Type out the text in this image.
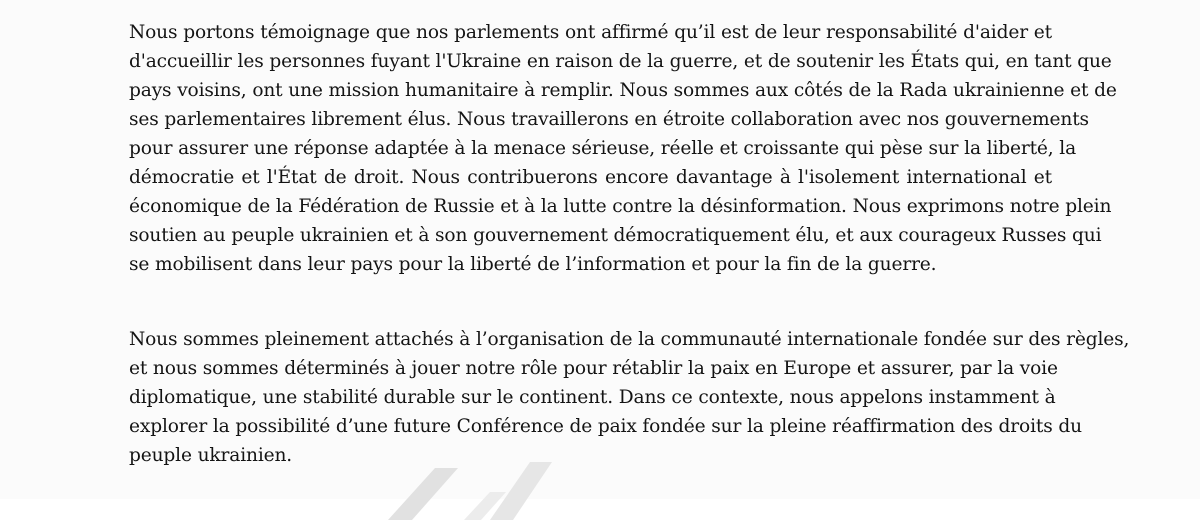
Nous portons témoignage que nos parlements ont affirmé qu’il est de leur responsabilité d'aider et
d'accueillir les personnes fuyant l'Ukraine en raison de la guerre, et de soutenir les États qui, en tant que
pays voisins, ont une mission humanitaire à remplir. Nous sommes aux côtés de la Rada ukrainienne et de
ses parlementaires librement élus. Nous travaillerons en étroite collaboration avec nos gouvernements
pour assurer une réponse adaptée à la menace sérieuse, réelle et croissante qui pèse sur la liberté, la
démocratie et l'État de droit. Nous contribuerons encore davantage à l'isolement international et
économique de la Fédération de Russie et à la lutte contre la désinformation. Nous exprimons notre plein
soutien au peuple ukrainien et à son gouvernement démocratiquement élu, et aux courageux Russes qui
se mobilisent dans leur pays pour la liberté de l’information et pour la fin de la guerre.
Nous sommes pleinement attachés à l’organisation de la communauté internationale fondée sur des règles,
et nous sommes déterminés à jouer notre rôle pour rétablir la paix en Europe et assurer, par la voie
diplomatique, une stabilité durable sur le continent. Dans ce contexte, nous appelons instamment à
explorer la possibilité d’une future Conférence de paix fondée sur la pleine réaffirmation des droits du
peuple ukrainien.
